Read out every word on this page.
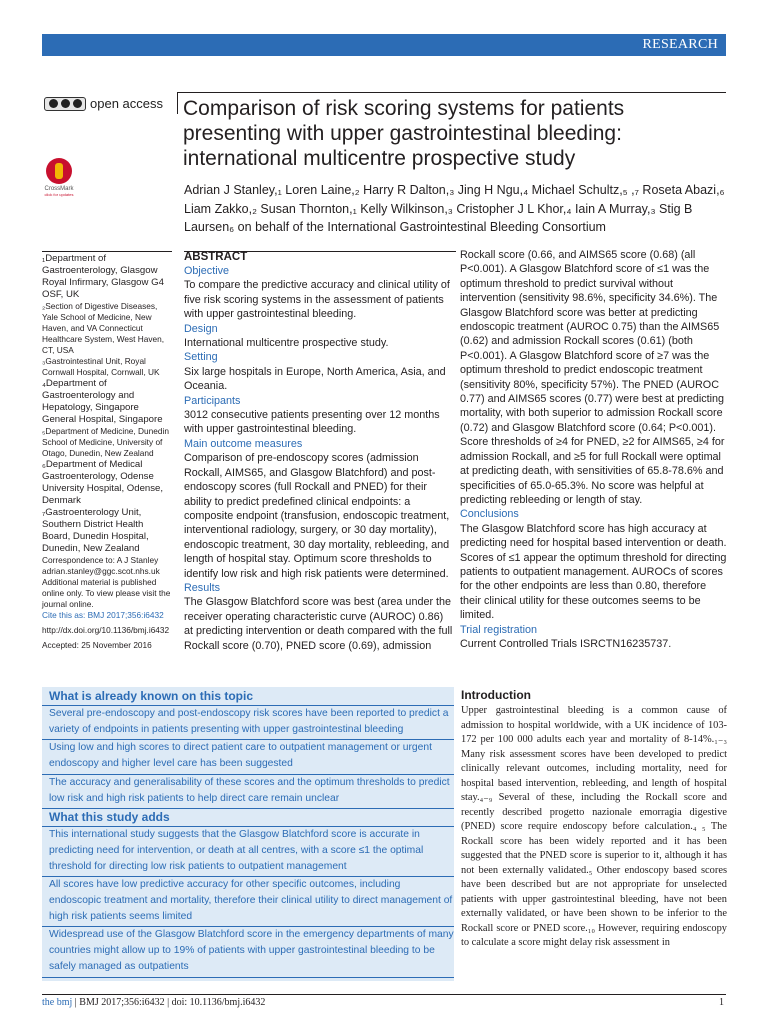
RESEARCH
open access
CrossMark
click for updates
Comparison of risk scoring systems for patients presenting with upper gastrointestinal bleeding: international multicentre prospective study
Adrian J Stanley,₁ Loren Laine,₂ Harry R Dalton,₃ Jing H Ngu,₄ Michael Schultz,₅ ,₇ Roseta Abazi,₆ Liam Zakko,₂ Susan Thornton,₁ Kelly Wilkinson,₃ Cristopher J L Khor,₄ Iain A Murray,₃ Stig B Laursen₆ on behalf of the International Gastrointestinal Bleeding Consortium
₁Department of Gastroenterology, Glasgow Royal Infirmary, Glasgow G4 OSF, UK
₂Section of Digestive Diseases, Yale School of Medicine, New Haven, and VA Connecticut Healthcare System, West Haven, CT, USA
₃Gastrointestinal Unit, Royal Cornwall Hospital, Cornwall, UK
₄Department of Gastroenterology and Hepatology, Singapore General Hospital, Singapore
₅Department of Medicine, Dunedin School of Medicine, University of Otago, Dunedin, New Zealand
₆Department of Medical Gastroenterology, Odense University Hospital, Odense, Denmark
₇Gastroenterology Unit, Southern District Health Board, Dunedin Hospital, Dunedin, New Zealand
Correspondence to: A J Stanley adrian.stanley@ggc.scot.nhs.uk
Additional material is published online only. To view please visit the journal online.
Cite this as: BMJ 2017;356:i6432
http://dx.doi.org/10.1136/bmj.i6432
Accepted: 25 November 2016
ABSTRACT
Objective
To compare the predictive accuracy and clinical utility of five risk scoring systems in the assessment of patients with upper gastrointestinal bleeding.
Design
International multicentre prospective study.
Setting
Six large hospitals in Europe, North America, Asia, and Oceania.
Participants
3012 consecutive patients presenting over 12 months with upper gastrointestinal bleeding.
Main outcome measures
Comparison of pre-endoscopy scores (admission Rockall, AIMS65, and Glasgow Blatchford) and post-endoscopy scores (full Rockall and PNED) for their ability to predict predefined clinical endpoints: a composite endpoint (transfusion, endoscopic treatment, interventional radiology, surgery, or 30 day mortality), endoscopic treatment, 30 day mortality, rebleeding, and length of hospital stay. Optimum score thresholds to identify low risk and high risk patients were determined.
Results
The Glasgow Blatchford score was best (area under the receiver operating characteristic curve (AUROC) 0.86) at predicting intervention or death compared with the full Rockall score (0.70), PNED score (0.69), admission
Rockall score (0.66, and AIMS65 score (0.68) (all P<0.001). A Glasgow Blatchford score of ≤1 was the optimum threshold to predict survival without intervention (sensitivity 98.6%, specificity 34.6%). The Glasgow Blatchford score was better at predicting endoscopic treatment (AUROC 0.75) than the AIMS65 (0.62) and admission Rockall scores (0.61) (both P<0.001). A Glasgow Blatchford score of ≥7 was the optimum threshold to predict endoscopic treatment (sensitivity 80%, specificity 57%). The PNED (AUROC 0.77) and AIMS65 scores (0.77) were best at predicting mortality, with both superior to admission Rockall score (0.72) and Glasgow Blatchford score (0.64; P<0.001). Score thresholds of ≥4 for PNED, ≥2 for AIMS65, ≥4 for admission Rockall, and ≥5 for full Rockall were optimal at predicting death, with sensitivities of 65.8-78.6% and specificities of 65.0-65.3%. No score was helpful at predicting rebleeding or length of stay.
Conclusions
The Glasgow Blatchford score has high accuracy at predicting need for hospital based intervention or death. Scores of ≤1 appear the optimum threshold for directing patients to outpatient management. AUROCs of scores for the other endpoints are less than 0.80, therefore their clinical utility for these outcomes seems to be limited.
Trial registration
Current Controlled Trials ISRCTN16235737.
What is already known on this topic
Several pre-endoscopy and post-endoscopy risk scores have been reported to predict a variety of endpoints in patients presenting with upper gastrointestinal bleeding
Using low and high scores to direct patient care to outpatient management or urgent endoscopy and higher level care has been suggested
The accuracy and generalisability of these scores and the optimum thresholds to predict low risk and high risk patients to help direct care remain unclear
What this study adds
This international study suggests that the Glasgow Blatchford score is accurate in predicting need for intervention, or death at all centres, with a score ≤1 the optimal threshold for directing low risk patients to outpatient management
All scores have low predictive accuracy for other specific outcomes, including endoscopic treatment and mortality, therefore their clinical utility to direct management of high risk patients seems limited
Widespread use of the Glasgow Blatchford score in the emergency departments of many countries might allow up to 19% of patients with upper gastrointestinal bleeding to be safely managed as outpatients
Introduction
Upper gastrointestinal bleeding is a common cause of admission to hospital worldwide, with a UK incidence of 103-172 per 100 000 adults each year and mortality of 8-14%.₁₋₃ Many risk assessment scores have been developed to predict clinically relevant outcomes, including mortality, need for hospital based intervention, rebleeding, and length of hospital stay.₄₋₉ Several of these, including the Rockall score and recently described progetto nazionale emorragia digestive (PNED) score require endoscopy before calculation.₄ ₅ The Rockall score has been widely reported and it has been suggested that the PNED score is superior to it, although it has not been externally validated.₅ Other endoscopy based scores have been described but are not appropriate for unselected patients with upper gastrointestinal bleeding, have not been externally validated, or have been shown to be inferior to the Rockall score or PNED score.₁₀ However, requiring endoscopy to calculate a score might delay risk assessment in
the bmj | BMJ 2017;356:i6432 | doi: 10.1136/bmj.i6432	1
